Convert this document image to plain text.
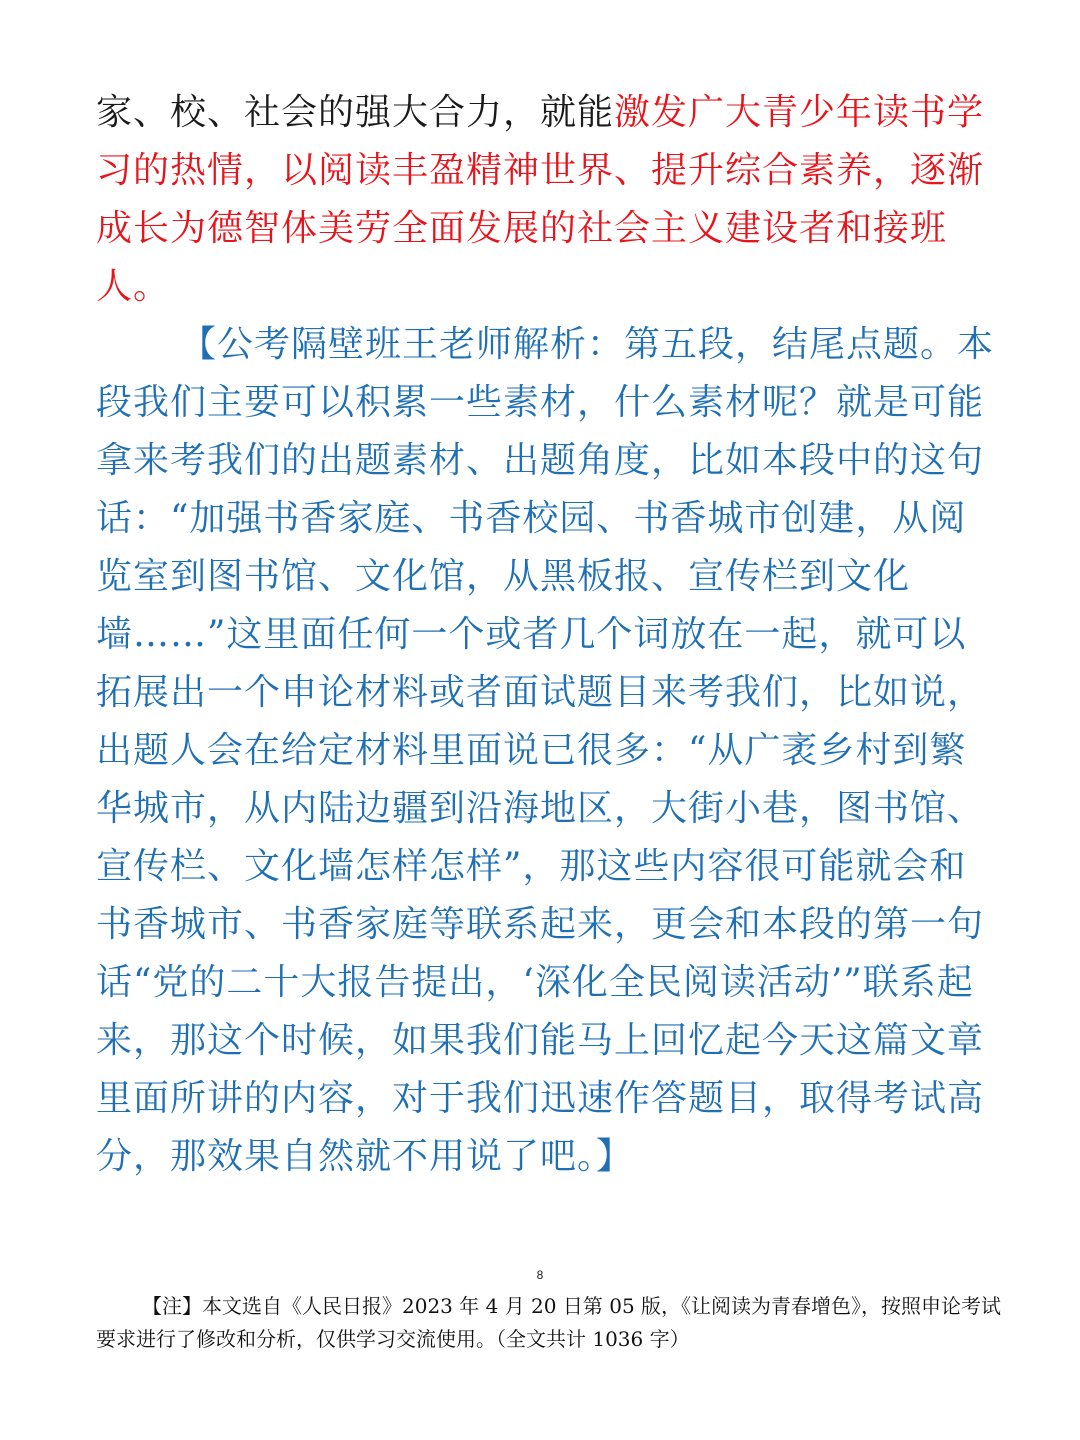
家、校、社会的强大合力，就能激发广大青少年读书学习的热情，以阅读丰盈精神世界、提升综合素养，逐渐成长为德智体美劳全面发展的社会主义建设者和接班人。

【公考隔壁班王老师解析：第五段，结尾点题。本段我们主要可以积累一些素材，什么素材呢？就是可能拿来考我们的出题素材、出题角度，比如本段中的这句话：“加强书香家庭、书香校园、书香城市创建，从阅览室到图书馆、文化馆，从黑板报、宣传栏到文化墙……”这里面任何一个或者几个词放在一起，就可以拓展出一个申论材料或者面试题目来考我们，比如说，出题人会在给定材料里面说已很多：“从广袤乡村到繁华城市，从内陆边疆到沿海地区，大街小巷，图书馆、宣传栏、文化墙怎样怎样”，那这些内容很可能就会和书香城市、书香家庭等联系起来，更会和本段的第一句话“党的二十大报告提出，‘深化全民阅读活动’”联系起来，那这个时候，如果我们能马上回忆起今天这篇文章里面所讲的内容，对于我们迅速作答题目，取得考试高分，那效果自然就不用说了吧。】

8

【注】本文选自《人民日报》2023 年 4 月 20 日第 05 版，《让阅读为青春增色》，按照申论考试要求进行了修改和分析，仅供学习交流使用。（全文共计 1036 字）
